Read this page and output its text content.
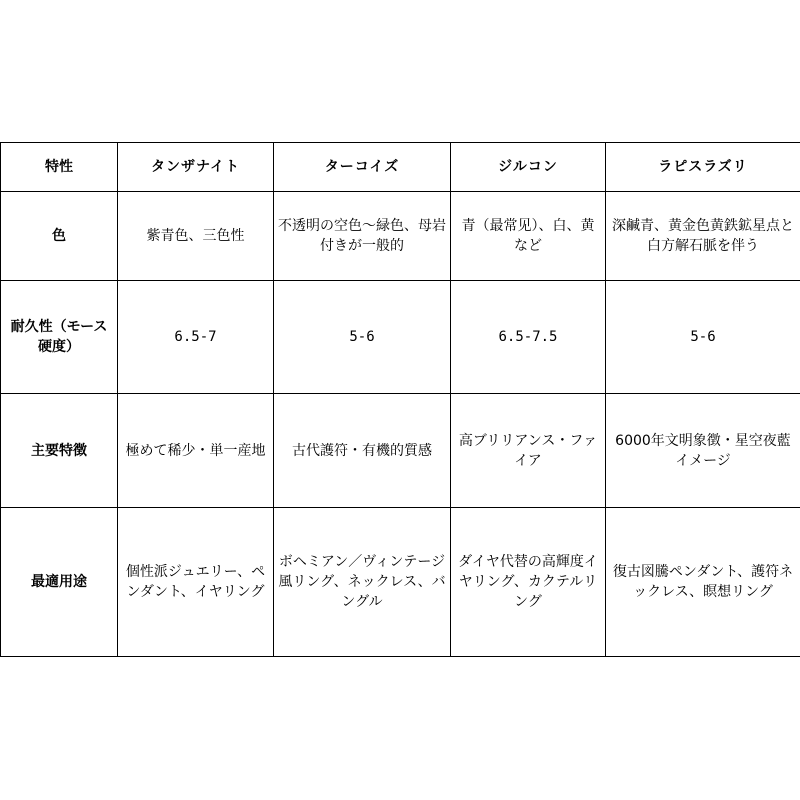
特性	タンザナイト	ターコイズ	ジルコン	ラピスラズリ
色	紫青色、三色性	不透明の空色～緑色、母岩付きが一般的	青（最常见）、白、黄など	深鹹青、黄金色黄鉄鉱星点と白方解石脈を伴う
耐久性（モース硬度）	6.5-7	5-6	6.5-7.5	5-6
主要特徴	極めて稀少・単一産地	古代護符・有機的質感	高ブリリアンス・ファイア	6000年文明象徴・星空夜藍イメージ
最適用途	個性派ジュエリー、ペンダント、イヤリング	ボヘミアン／ヴィンテージ風リング、ネックレス、バングル	ダイヤ代替の高輝度イヤリング、カクテルリング	復古図騰ペンダント、護符ネックレス、瞑想リング
